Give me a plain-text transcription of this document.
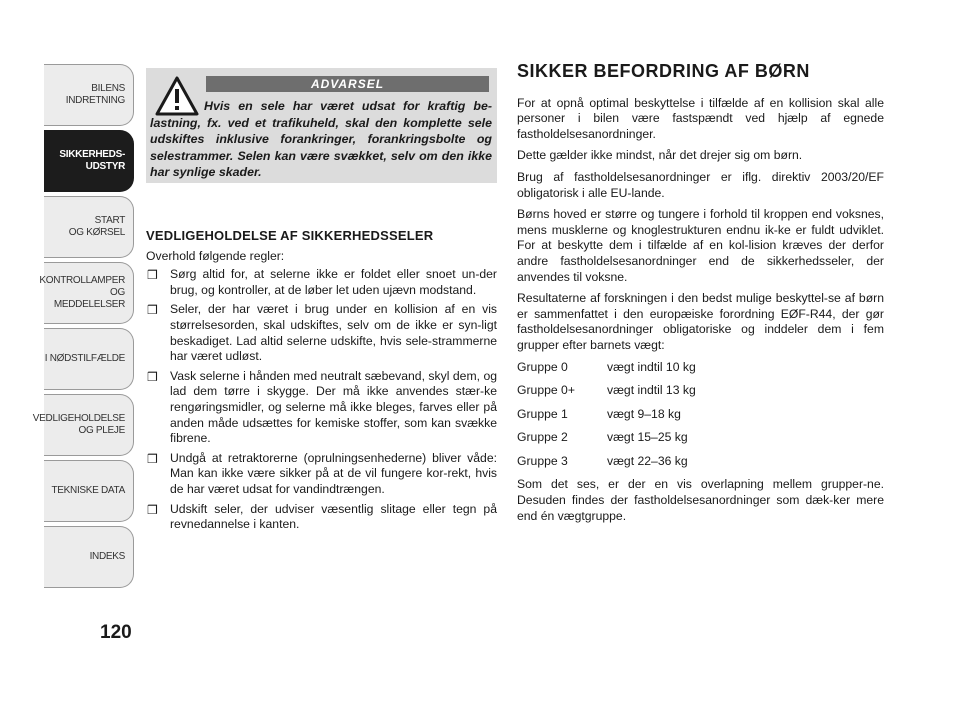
BILENS
INDRETNING
SIKKERHEDS-
UDSTYR
START
OG KØRSEL
KONTROLLAMPER
OG MEDDELELSER
I NØDSTILFÆLDE
VEDLIGEHOLDELSE
OG PLEJE
TEKNISKE DATA
INDEKS
120
ADVARSEL
Hvis en sele har været udsat for kraftig be-lastning, fx. ved et trafikuheld, skal den komplette sele udskiftes inklusive forankringer, forankringsbolte og selestrammer. Selen kan være svækket, selv om den ikke har synlige skader.
VEDLIGEHOLDELSE AF SIKKERHEDSSELER

Overhold følgende regler:

❒ Sørg altid for, at selerne ikke er foldet eller snoet un-der brug, og kontroller, at de løber let uden ujævn modstand.
❒ Seler, der har været i brug under en kollision af en vis størrelsesorden, skal udskiftes, selv om de ikke er syn-ligt beskadiget. Lad altid selerne udskifte, hvis sele-strammerne har været udløst.
❒ Vask selerne i hånden med neutralt sæbevand, skyl dem, og lad dem tørre i skygge. Der må ikke anvendes stær-ke rengøringsmidler, og selerne må ikke bleges, farves eller på anden måde udsættes for kemiske stoffer, som kan svække fibrene.
❒ Undgå at retraktorerne (oprulningsenhederne) bliver våde: Man kan ikke være sikker på at de vil fungere kor-rekt, hvis de har været udsat for vandindtrængen.
❒ Udskift seler, der udviser væsentlig slitage eller tegn på revnedannelse i kanten.
SIKKER BEFORDRING AF BØRN

For at opnå optimal beskyttelse i tilfælde af en kollision skal alle personer i bilen være fastspændt ved hjælp af egnede fastholdelsesanordninger.

Dette gælder ikke mindst, når det drejer sig om børn.

Brug af fastholdelsesanordninger er iflg. direktiv 2003/20/EF obligatorisk i alle EU-lande.

Børns hoved er større og tungere i forhold til kroppen end voksnes, mens musklerne og knoglestrukturen endnu ik-ke er fuldt udviklet. For at beskytte dem i tilfælde af en kol-lision kræves der derfor andre fastholdelsesanordninger end de sikkerhedsseler, der anvendes til voksne.

Resultaterne af forskningen i den bedst mulige beskyttel-se af børn er sammenfattet i den europæiske forordning EØF-R44, der gør fastholdelsesanordninger obligatoriske og inddeler dem i fem grupper efter barnets vægt:

Gruppe 0	vægt indtil 10 kg
Gruppe 0+	vægt indtil 13 kg
Gruppe 1	vægt 9–18 kg
Gruppe 2	vægt 15–25 kg
Gruppe 3	vægt 22–36 kg

Som det ses, er der en vis overlapning mellem grupper-ne. Desuden findes der fastholdelsesanordninger som dæk-ker mere end én vægtgruppe.
